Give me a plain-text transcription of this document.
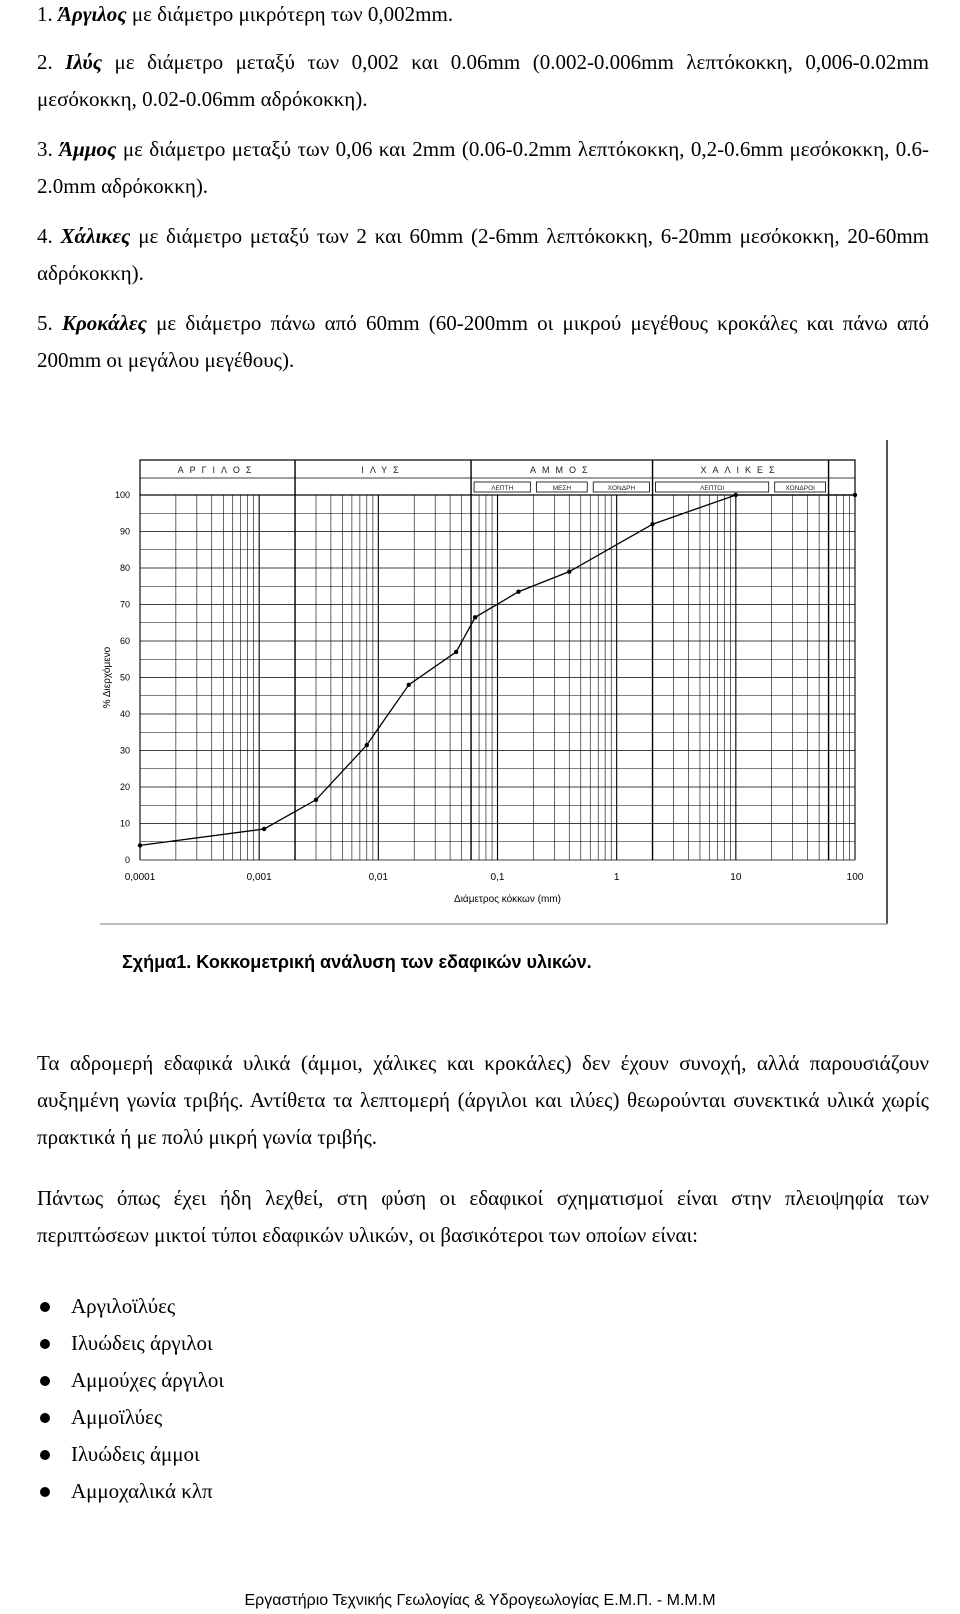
1. Άργιλος με διάμετρο μικρότερη των 0,002mm.
2. Ιλύς με διάμετρο μεταξύ των 0,002 και 0.06mm (0.002-0.006mm λεπτόκοκκη, 0,006-0.02mm μεσόκοκκη, 0.02-0.06mm αδρόκοκκη).
3. Άμμος με διάμετρο μεταξύ των 0,06 και 2mm (0.06-0.2mm λεπτόκοκκη, 0,2-0.6mm μεσόκοκκη, 0.6-2.0mm αδρόκοκκη).
4. Χάλικες με διάμετρο μεταξύ των 2 και 60mm (2-6mm λεπτόκοκκη, 6-20mm μεσόκοκκη, 20-60mm αδρόκοκκη).
5. Κροκάλες με διάμετρο πάνω από 60mm (60-200mm οι μικρού μεγέθους κροκάλες και πάνω από 200mm οι μεγάλου μεγέθους).
ΑΡΓΙΛΟΣ	ΙΛΥΣ	ΑΜΜΟΣ	ΧΑΛΙΚΕΣ
ΛΕΠΤΗ	ΜΕΣΗ	ΧΟΝΔΡΗ	ΛΕΠΤΟΙ	ΧΟΝΔΡΟΙ
0
10
20
30
40
50
60
70
80
90
100
0,0001	0,001	0,01	0,1	1	10	100
Διάμετρος κόκκων (mm)
% Διερχόμενο
Σχήμα1. Κοκκομετρική ανάλυση των εδαφικών υλικών.
Τα αδρομερή εδαφικά υλικά (άμμοι, χάλικες και κροκάλες) δεν έχουν συνοχή, αλλά παρουσιάζουν αυξημένη γωνία τριβής. Αντίθετα τα λεπτομερή (άργιλοι και ιλύες) θεωρούνται συνεκτικά υλικά χωρίς πρακτικά ή με πολύ μικρή γωνία τριβής.
Πάντως όπως έχει ήδη λεχθεί, στη φύση οι εδαφικοί σχηματισμοί είναι στην πλειοψηφία των περιπτώσεων μικτοί τύποι εδαφικών υλικών, οι βασικότεροι των οποίων είναι:
Αργιλοϊλύες
Ιλυώδεις άργιλοι
Αμμούχες άργιλοι
Αμμοϊλύες
Ιλυώδεις άμμοι
Αμμοχαλικά κλπ
Εργαστήριο Τεχνικής Γεωλογίας & Υδρογεωλογίας Ε.Μ.Π. - Μ.Μ.Μ
